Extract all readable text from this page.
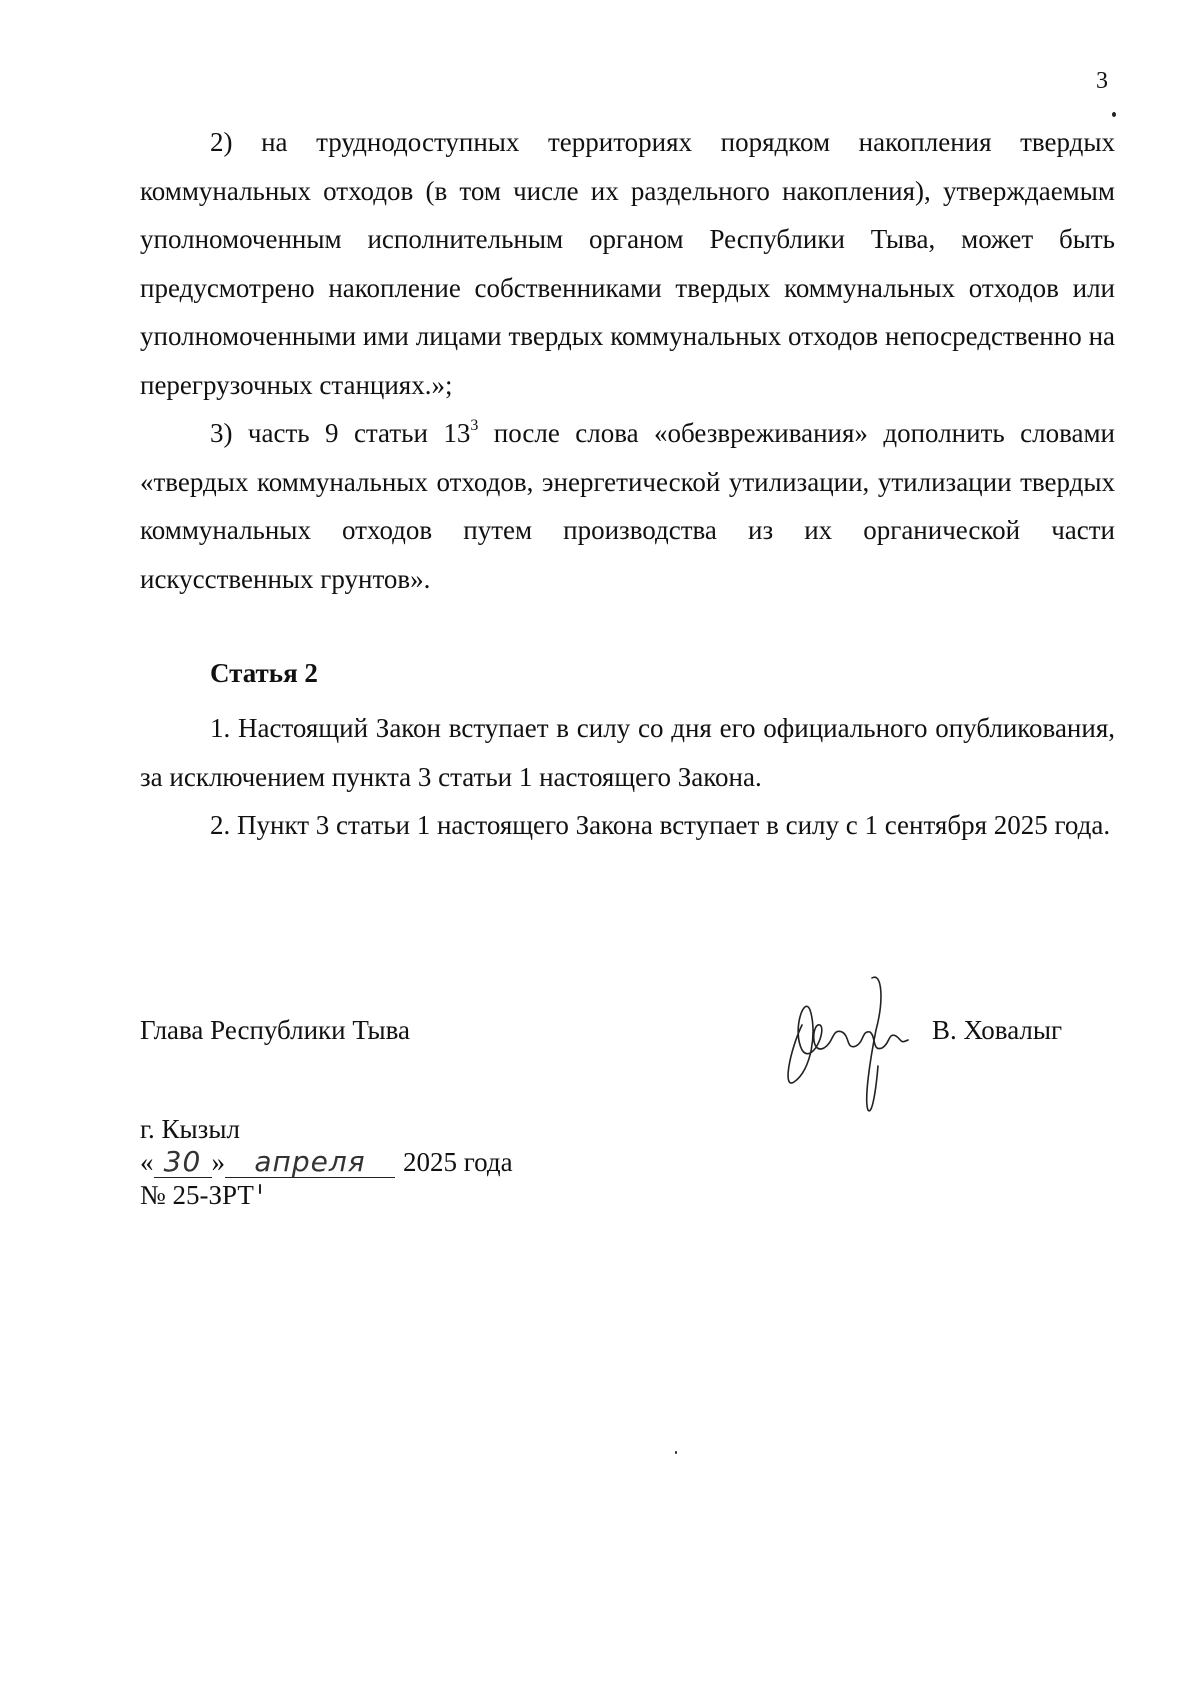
3

2) на труднодоступных территориях порядком накопления твердых коммунальных отходов (в том числе их раздельного накопления), утверждаемым уполномоченным исполнительным органом Республики Тыва, может быть предусмотрено накопление собственниками твердых коммунальных отходов или уполномоченными ими лицами твердых коммунальных отходов непосредственно на перегрузочных станциях.»;

3) часть 9 статьи $13^3$ после слова «обезвреживания» дополнить словами «твердых коммунальных отходов, энергетической утилизации, утилизации твердых коммунальных отходов путем производства из их органической части искусственных грунтов».

Статья 2

1. Настоящий Закон вступает в силу со дня его официального опубликования, за исключением пункта 3 статьи 1 настоящего Закона.

2. Пункт 3 статьи 1 настоящего Закона вступает в силу с 1 сентября 2025 года.

Глава Республики Тыва	В. Ховалыг
г. Кызыл
« 30 »	апреля	2025 года
№ 25-ЗРТ
